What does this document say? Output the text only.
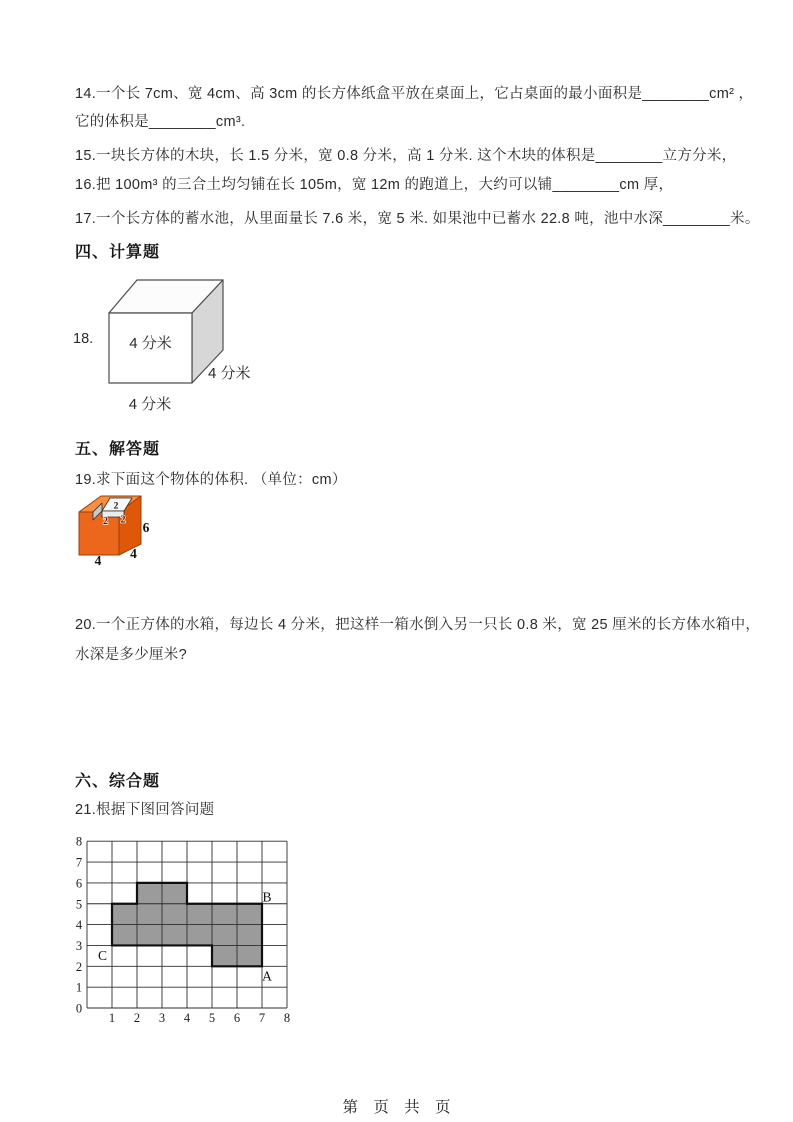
14.一个长 7cm、宽 4cm、高 3cm 的长方体纸盒平放在桌面上，它占桌面的最小面积是________cm² ，
它的体积是________cm³.
15.一块长方体的木块，长 1.5 分米，宽 0.8 分米，高 1 分米. 这个木块的体积是________立方分米，
16.把 100m³ 的三合土均匀铺在长 105m，宽 12m 的跑道上，大约可以铺________cm 厚，
17.一个长方体的蓄水池，从里面量长 7.6 米，宽 5 米. 如果池中已蓄水 22.8 吨，池中水深________米。
四、计算题
18. 4 分米
4 分米
4 分米
五、解答题
19.求下面这个物体的体积. （单位：cm）
2
2 2 6
4
4
20.一个正方体的水箱，每边长 4 分米，把这样一箱水倒入另一只长 0.8 米，宽 25 厘米的长方体水箱中，
水深是多少厘米?
六、综合题
21.根据下图回答问题
1 2 3 4 5 6 7 8
0
1
2
3
4
5
6
7
8
A
B
C
第 页 共 页
